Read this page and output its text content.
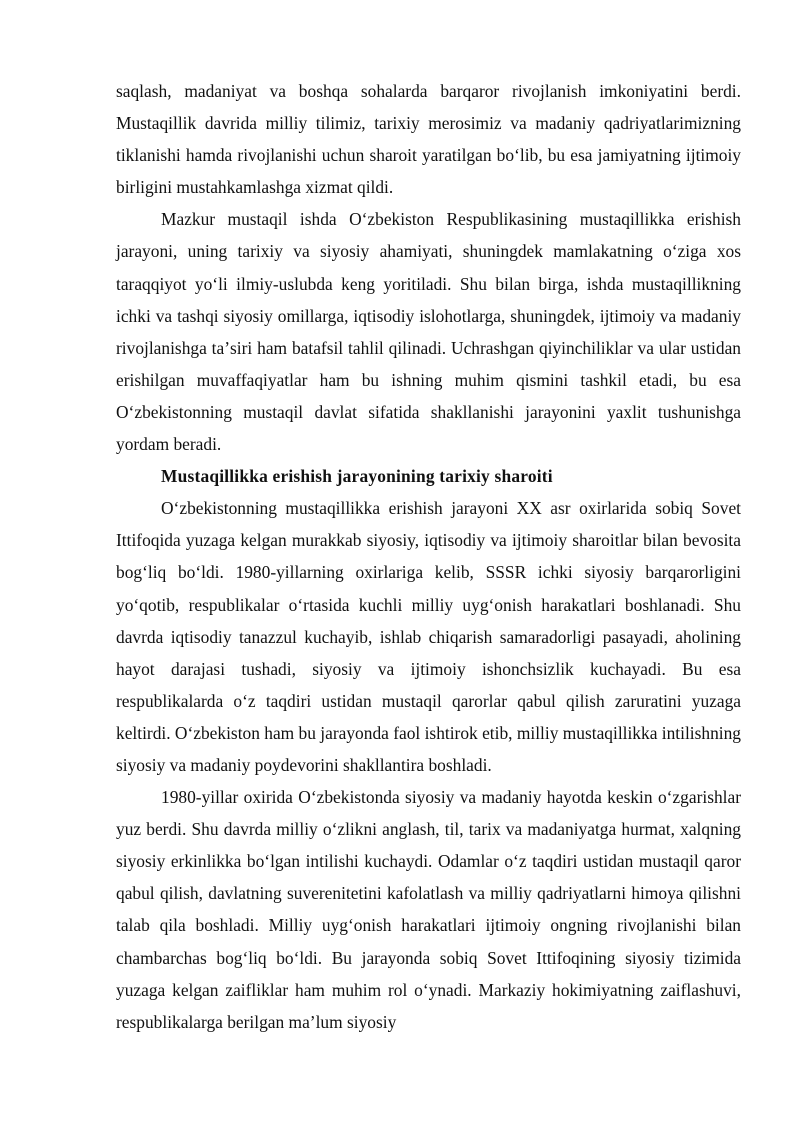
saqlash, madaniyat va boshqa sohalarda barqaror rivojlanish imkoniyatini berdi. Mustaqillik davrida milliy tilimiz, tarixiy merosimiz va madaniy qadriyatlarimizning tiklanishi hamda rivojlanishi uchun sharoit yaratilgan boʻlib, bu esa jamiyatning ijtimoiy birligini mustahkamlashga xizmat qildi.

Mazkur mustaqil ishda Oʻzbekiston Respublikasining mustaqillikka erishish jarayoni, uning tarixiy va siyosiy ahamiyati, shuningdek mamlakatning oʻziga xos taraqqiyot yoʻli ilmiy-uslubda keng yoritiladi. Shu bilan birga, ishda mustaqillikning ichki va tashqi siyosiy omillarga, iqtisodiy islohotlarga, shuningdek, ijtimoiy va madaniy rivojlanishga taʼsiri ham batafsil tahlil qilinadi. Uchrashgan qiyinchiliklar va ular ustidan erishilgan muvaffaqiyatlar ham bu ishning muhim qismini tashkil etadi, bu esa Oʻzbekistonning mustaqil davlat sifatida shakllanishi jarayonini yaxlit tushunishga yordam beradi.

Mustaqillikka erishish jarayonining tarixiy sharoiti

Oʻzbekistonning mustaqillikka erishish jarayoni XX asr oxirlarida sobiq Sovet Ittifoqida yuzaga kelgan murakkab siyosiy, iqtisodiy va ijtimoiy sharoitlar bilan bevosita bogʻliq boʻldi. 1980-yillarning oxirlariga kelib, SSSR ichki siyosiy barqarorligini yoʻqotib, respublikalar oʻrtasida kuchli milliy uygʻonish harakatlari boshlanadi. Shu davrda iqtisodiy tanazzul kuchayib, ishlab chiqarish samaradorligi pasayadi, aholining hayot darajasi tushadi, siyosiy va ijtimoiy ishonchsizlik kuchayadi. Bu esa respublikalarda oʻz taqdiri ustidan mustaqil qarorlar qabul qilish zaruratini yuzaga keltirdi. Oʻzbekiston ham bu jarayonda faol ishtirok etib, milliy mustaqillikka intilishning siyosiy va madaniy poydevorini shakllantira boshladi.

1980-yillar oxirida Oʻzbekistonda siyosiy va madaniy hayotda keskin oʻzgarishlar yuz berdi. Shu davrda milliy oʻzlikni anglash, til, tarix va madaniyatga hurmat, xalqning siyosiy erkinlikka boʻlgan intilishi kuchaydi. Odamlar oʻz taqdiri ustidan mustaqil qaror qabul qilish, davlatning suverenitetini kafolatlash va milliy qadriyatlarni himoya qilishni talab qila boshladi. Milliy uygʻonish harakatlari ijtimoiy ongning rivojlanishi bilan chambarchas bogʻliq boʻldi. Bu jarayonda sobiq Sovet Ittifoqining siyosiy tizimida yuzaga kelgan zaifliklar ham muhim rol oʻynadi. Markaziy hokimiyatning zaiflashuvi, respublikalarga berilgan maʼlum siyosiy
